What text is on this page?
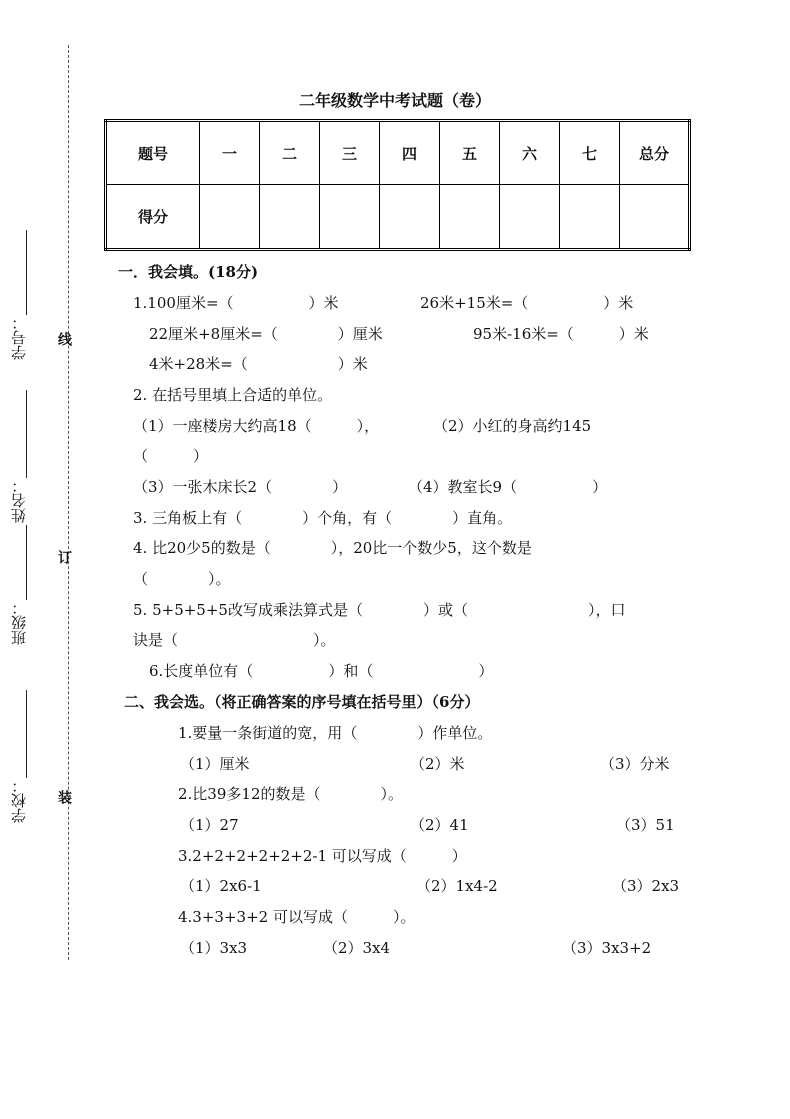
学号：
姓名：
班级：
学校：
线
订
装
二年级数学中考试题（卷）
题号	一	二	三	四	五	六	七	总分
得分								
一．我会填。(18分)
1.100厘米=（　　　　　）米	26米+15米=（　　　　　）米
22厘米+8厘米=（　　　　）厘米	95米-16米=（　　　）米
4米+28米=（　　　　　　）米
2. 在括号里填上合适的单位。
（1）一座楼房大约高18（　　　），	（2）小红的身高约145
（　　　）
（3）一张木床长2（　　　　）	（4）教室长9（　　　　　）
3. 三角板上有（　　　　）个角，有（　　　　）直角。
4. 比20少5的数是（　　　　），20比一个数少5，这个数是
（　　　　）。
5. 5+5+5+5改写成乘法算式是（　　　　）或（　　　　　　　　），口
诀是（　　　　　　　　　）。
6.长度单位有（　　　　　）和（　　　　　　　）
二、我会选。（将正确答案的序号填在括号里）（6分）
1.要量一条街道的宽，用（　　　　）作单位。
（1）厘米	（2）米	（3）分米
2.比39多12的数是（　　　　）。
（1）27	（2）41	（3）51
3.2+2+2+2+2+2-1 可以写成（　　　）
（1）2x6-1	（2）1x4-2	（3）2x3
4.3+3+3+2 可以写成（　　　）。
（1）3x3	（2）3x4	（3）3x3+2
